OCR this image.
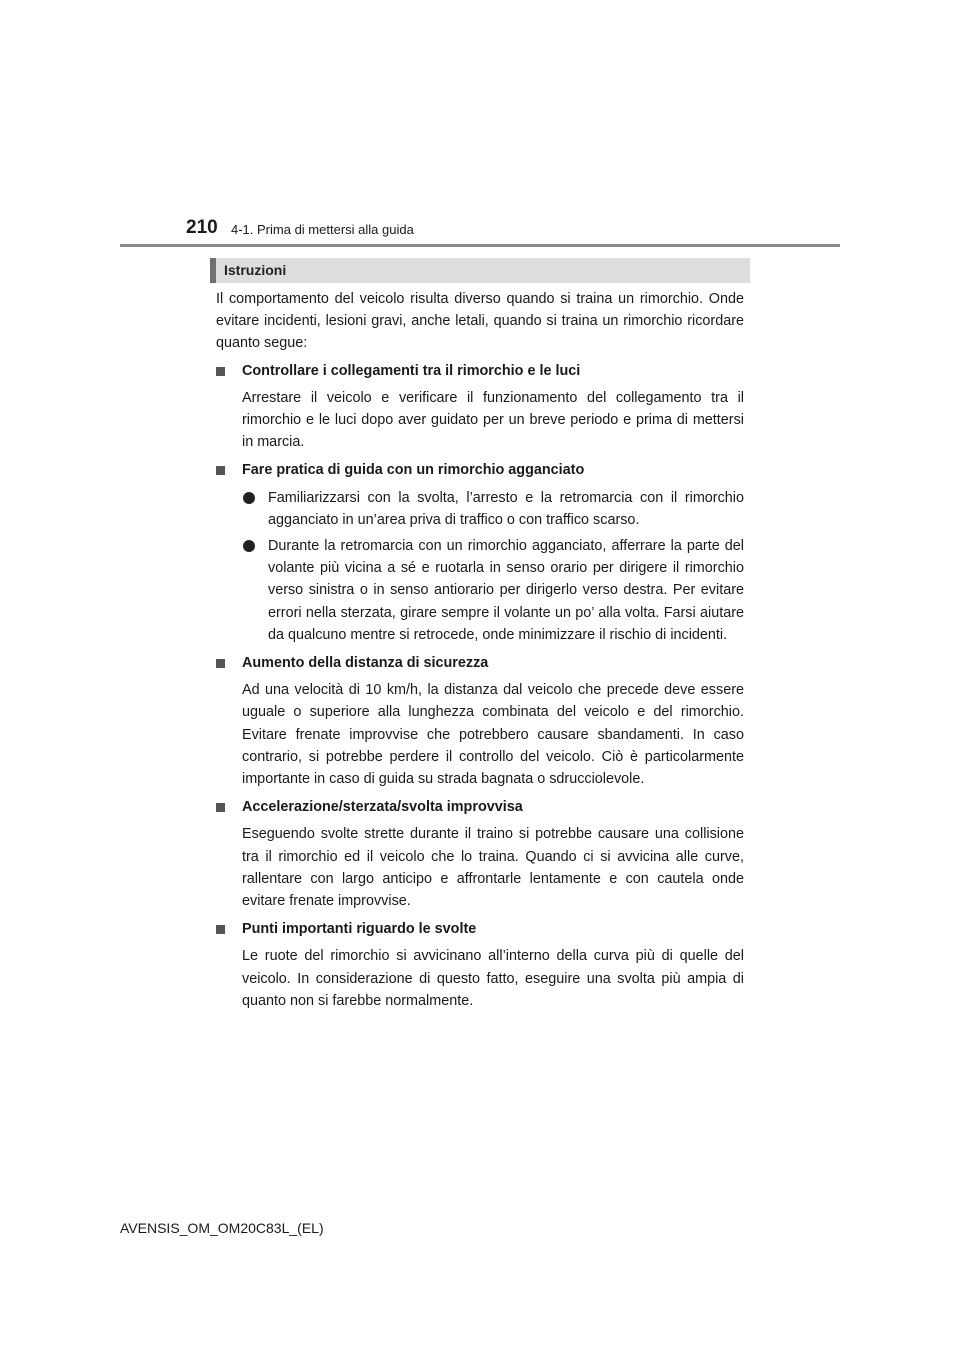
210 4-1. Prima di mettersi alla guida
Istruzioni

Il comportamento del veicolo risulta diverso quando si traina un rimorchio. Onde evitare incidenti, lesioni gravi, anche letali, quando si traina un rimorchio ricordare quanto segue:

Controllare i collegamenti tra il rimorchio e le luci

Arrestare il veicolo e verificare il funzionamento del collegamento tra il rimorchio e le luci dopo aver guidato per un breve periodo e prima di mettersi in marcia.

Fare pratica di guida con un rimorchio agganciato
Familiarizzarsi con la svolta, l’arresto e la retromarcia con il rimorchio agganciato in un’area priva di traffico o con traffico scarso.
Durante la retromarcia con un rimorchio agganciato, afferrare la parte del volante più vicina a sé e ruotarla in senso orario per dirigere il rimorchio verso sinistra o in senso antiorario per dirigerlo verso destra. Per evitare errori nella sterzata, girare sempre il volante un po’ alla volta. Farsi aiutare da qualcuno mentre si retrocede, onde minimizzare il rischio di incidenti.
Aumento della distanza di sicurezza

Ad una velocità di 10 km/h, la distanza dal veicolo che precede deve essere uguale o superiore alla lunghezza combinata del veicolo e del rimorchio. Evitare frenate improvvise che potrebbero causare sbandamenti. In caso contrario, si potrebbe perdere il controllo del veicolo. Ciò è particolarmente importante in caso di guida su strada bagnata o sdrucciolevole.

Accelerazione/sterzata/svolta improvvisa

Eseguendo svolte strette durante il traino si potrebbe causare una collisione tra il rimorchio ed il veicolo che lo traina. Quando ci si avvicina alle curve, rallentare con largo anticipo e affrontarle lentamente e con cautela onde evitare frenate improvvise.

Punti importanti riguardo le svolte

Le ruote del rimorchio si avvicinano all’interno della curva più di quelle del veicolo. In considerazione di questo fatto, eseguire una svolta più ampia di quanto non si farebbe normalmente.

AVENSIS_OM_OM20C83L_(EL)
